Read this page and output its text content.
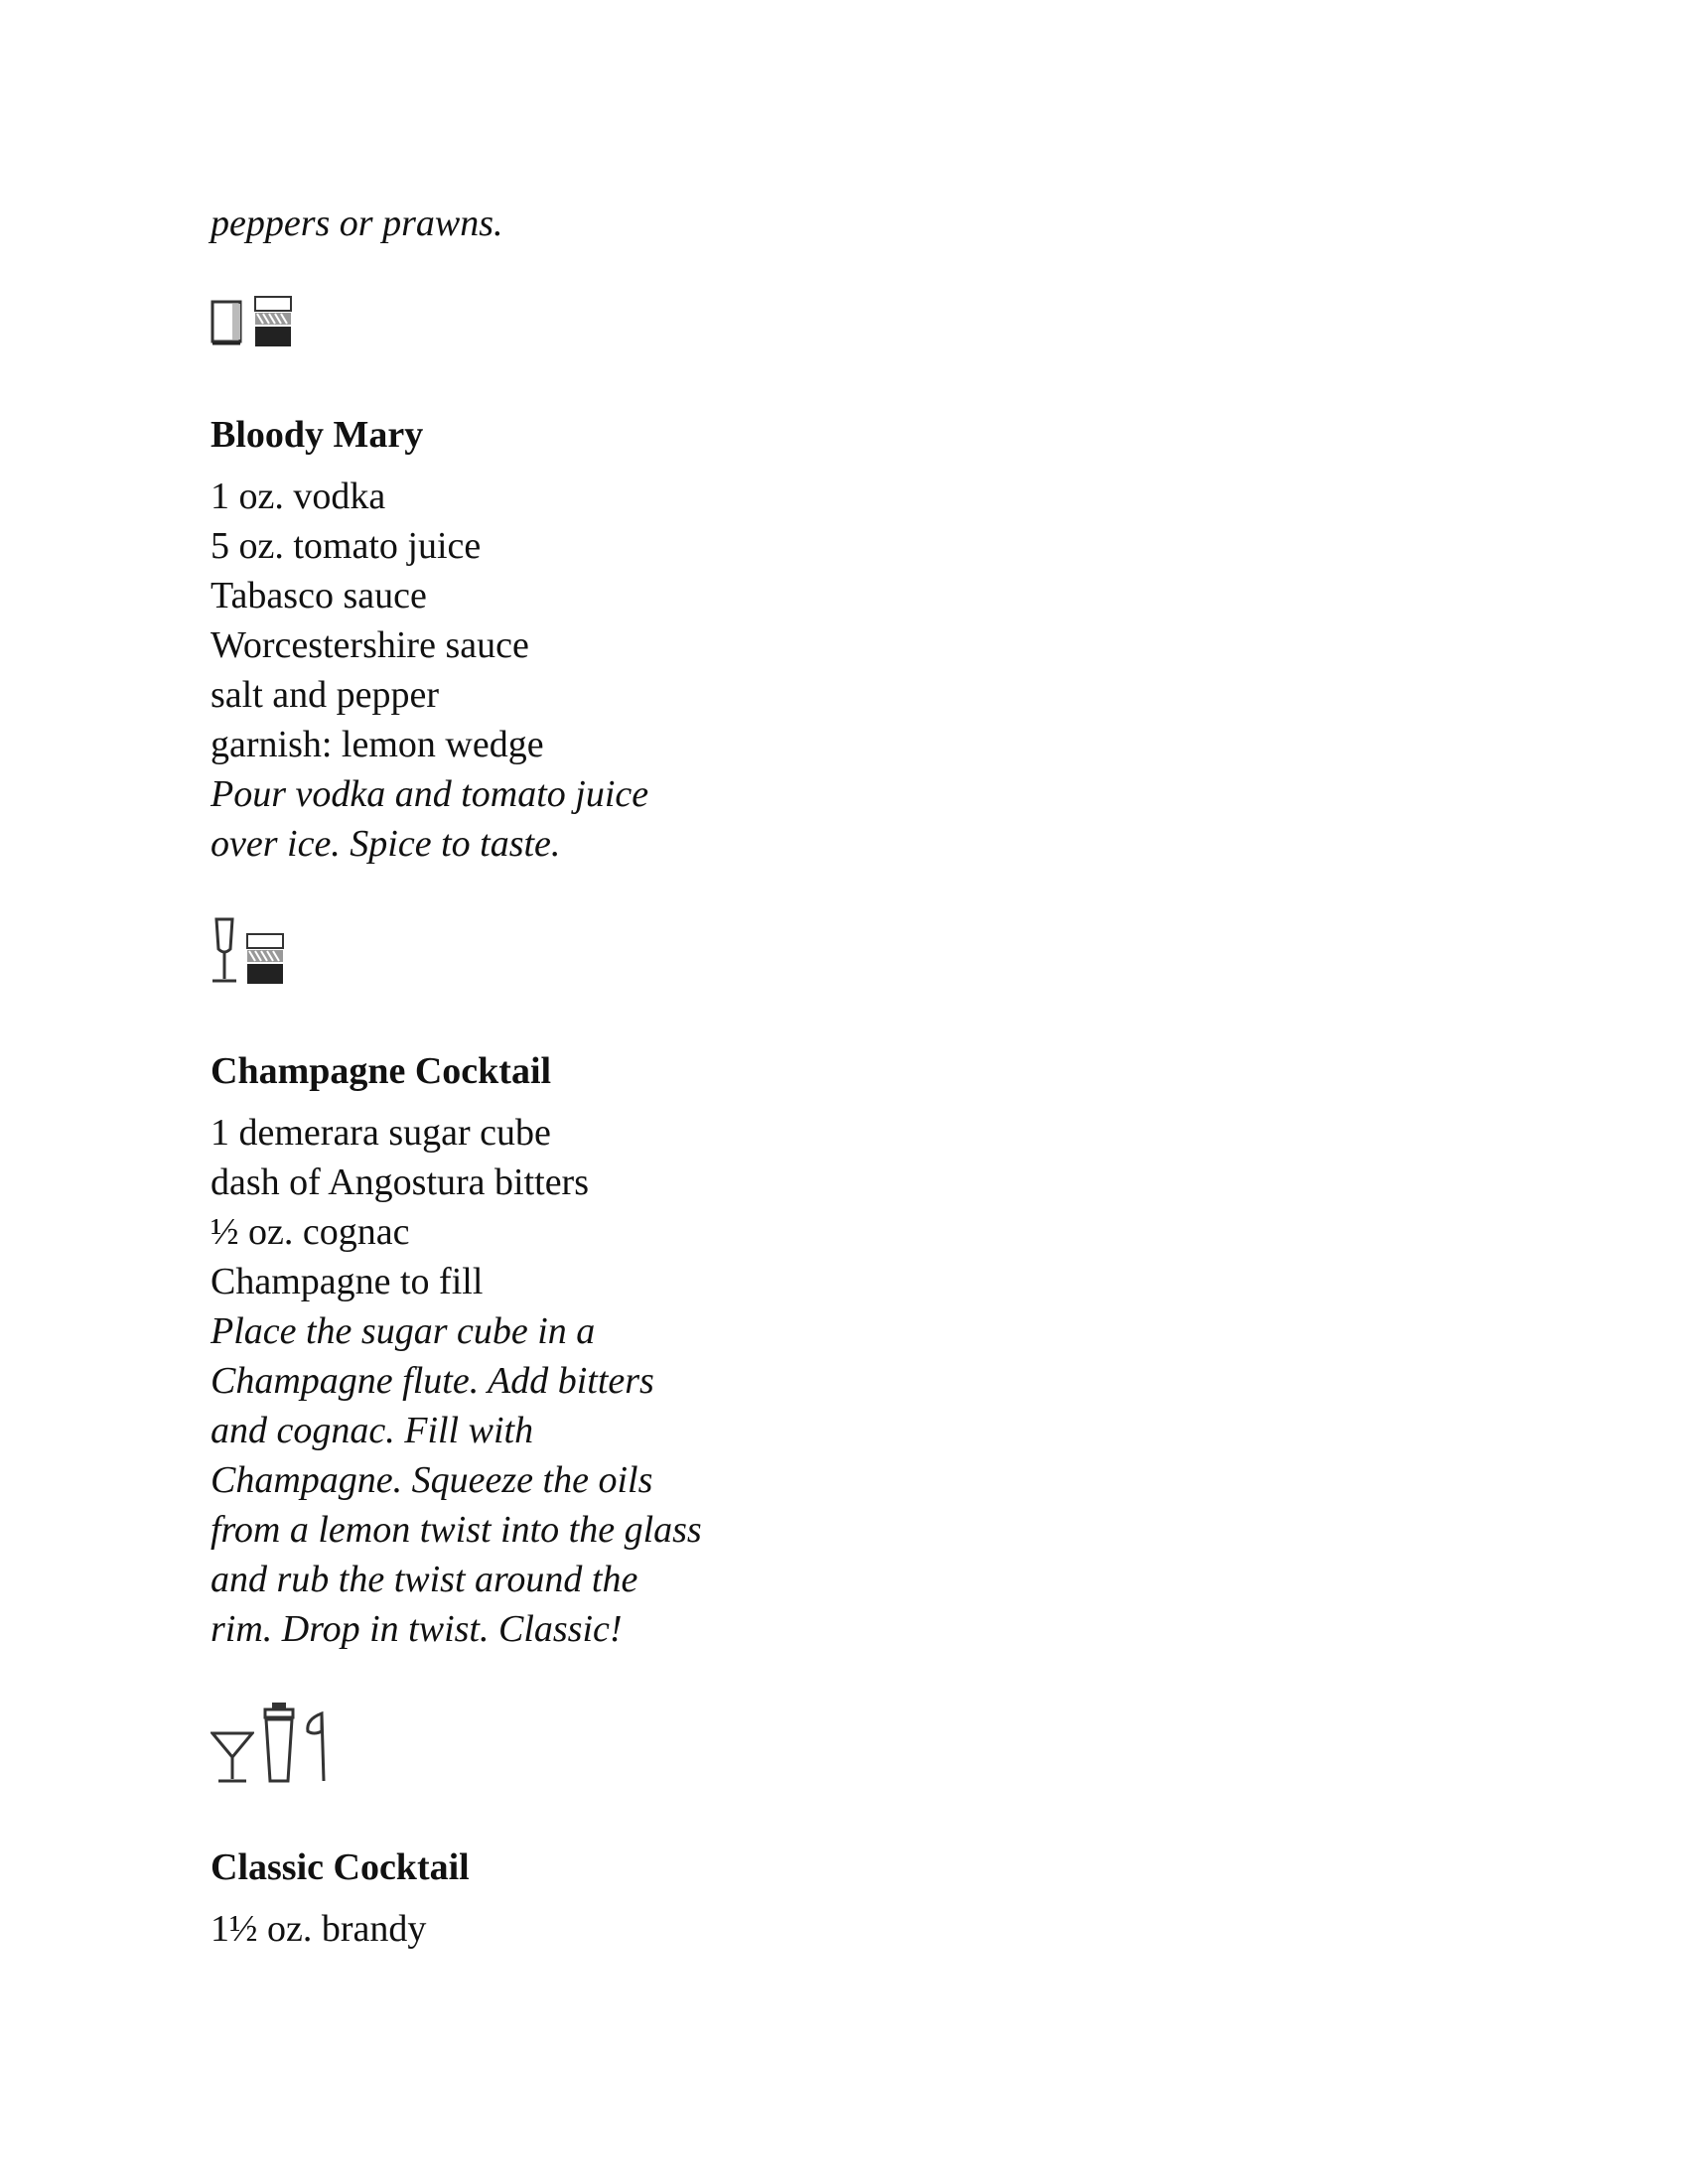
peppers or prawns.

Bloody Mary

1 oz. vodka

5 oz. tomato juice

Tabasco sauce

Worcestershire sauce

salt and pepper

garnish: lemon wedge

Pour vodka and tomato juice

over ice. Spice to taste.

Champagne Cocktail

1 demerara sugar cube

dash of Angostura bitters

½ oz. cognac

Champagne to fill

Place the sugar cube in a

Champagne flute. Add bitters

and cognac. Fill with

Champagne. Squeeze the oils

from a lemon twist into the glass

and rub the twist around the

rim. Drop in twist. Classic!

Classic Cocktail

1½ oz. brandy
